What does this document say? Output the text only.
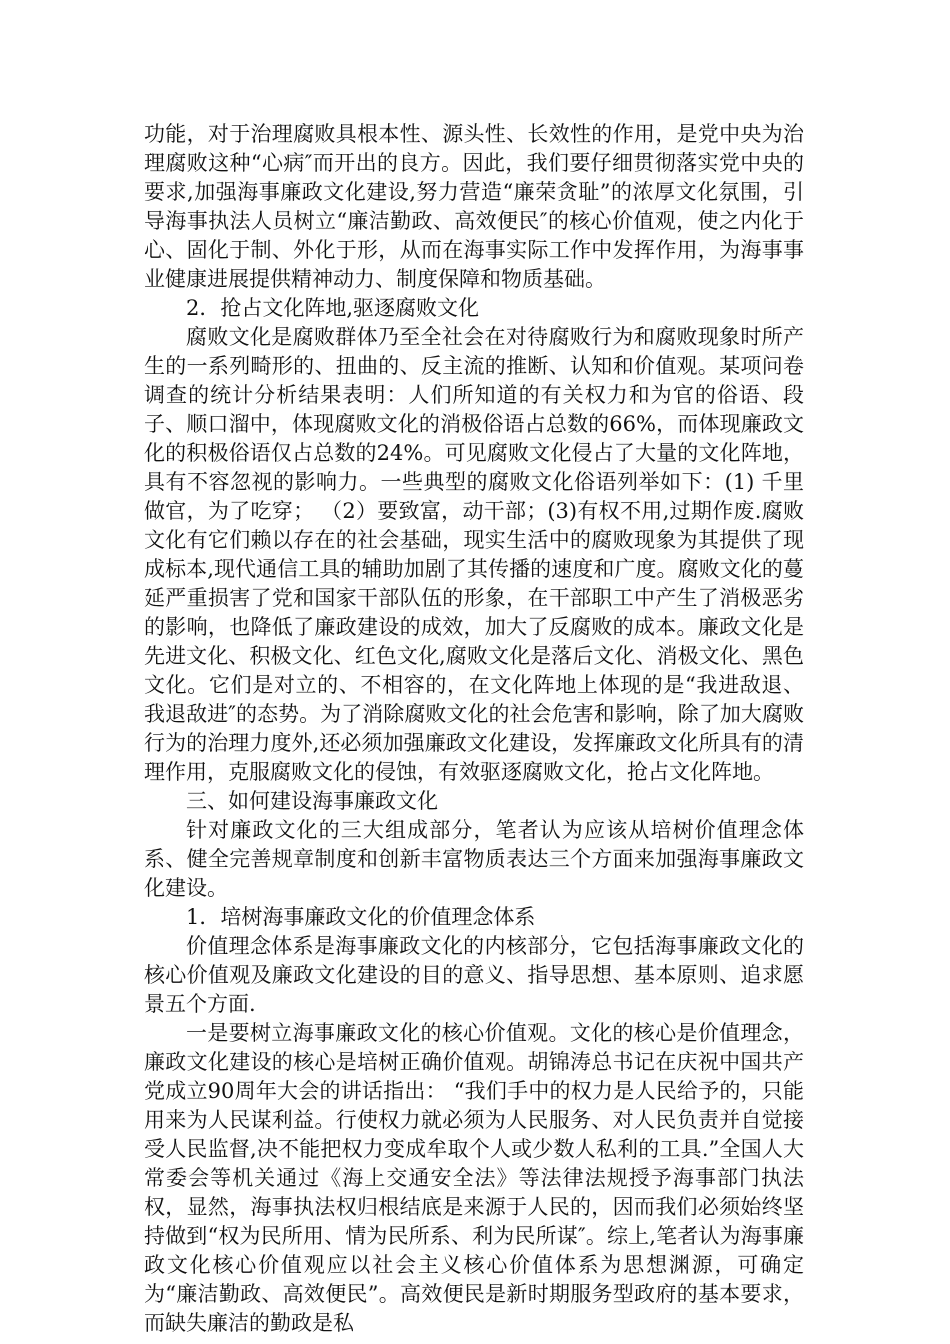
功能，对于治理腐败具根本性、源头性、长效性的作用，是党中央为治理腐败这种“心病″而开出的良方。因此，我们要仔细贯彻落实党中央的要求,加强海事廉政文化建设,努力营造“廉荣贪耻”的浓厚文化氛围，引导海事执法人员树立“廉洁勤政、高效便民″的核心价值观，使之内化于心、固化于制、外化于形，从而在海事实际工作中发挥作用，为海事事业健康进展提供精神动力、制度保障和物质基础。

2．抢占文化阵地,驱逐腐败文化

腐败文化是腐败群体乃至全社会在对待腐败行为和腐败现象时所产生的一系列畸形的、扭曲的、反主流的推断、认知和价值观。某项问卷调查的统计分析结果表明：人们所知道的有关权力和为官的俗语、段子、顺口溜中，体现腐败文化的消极俗语占总数的66%，而体现廉政文化的积极俗语仅占总数的24%。可见腐败文化侵占了大量的文化阵地，具有不容忽视的影响力。一些典型的腐败文化俗语列举如下：(1) 千里做官，为了吃穿； （2）要致富，动干部；(3)有权不用,过期作废.腐败文化有它们赖以存在的社会基础，现实生活中的腐败现象为其提供了现成标本,现代通信工具的辅助加剧了其传播的速度和广度。腐败文化的蔓延严重损害了党和国家干部队伍的形象，在干部职工中产生了消极恶劣的影响，也降低了廉政建设的成效，加大了反腐败的成本。廉政文化是先进文化、积极文化、红色文化,腐败文化是落后文化、消极文化、黑色文化。它们是对立的、不相容的，在文化阵地上体现的是“我进敌退、我退敌进″的态势。为了消除腐败文化的社会危害和影响，除了加大腐败行为的治理力度外,还必须加强廉政文化建设，发挥廉政文化所具有的清理作用，克服腐败文化的侵蚀，有效驱逐腐败文化，抢占文化阵地。

三、如何建设海事廉政文化

针对廉政文化的三大组成部分，笔者认为应该从培树价值理念体系、健全完善规章制度和创新丰富物质表达三个方面来加强海事廉政文化建设。

1．培树海事廉政文化的价值理念体系

价值理念体系是海事廉政文化的内核部分，它包括海事廉政文化的核心价值观及廉政文化建设的目的意义、指导思想、基本原则、追求愿景五个方面.

一是要树立海事廉政文化的核心价值观。文化的核心是价值理念，廉政文化建设的核心是培树正确价值观。胡锦涛总书记在庆祝中国共产党成立90周年大会的讲话指出： “我们手中的权力是人民给予的，只能用来为人民谋利益。行使权力就必须为人民服务、对人民负责并自觉接受人民监督,决不能把权力变成牟取个人或少数人私利的工具.”全国人大常委会等机关通过《海上交通安全法》等法律法规授予海事部门执法权，显然，海事执法权归根结底是来源于人民的，因而我们必须始终坚持做到“权为民所用、情为民所系、利为民所谋″。综上,笔者认为海事廉政文化核心价值观应以社会主义核心价值体系为思想渊源，可确定为“廉洁勤政、高效便民”。高效便民是新时期服务型政府的基本要求，而缺失廉洁的勤政是私
